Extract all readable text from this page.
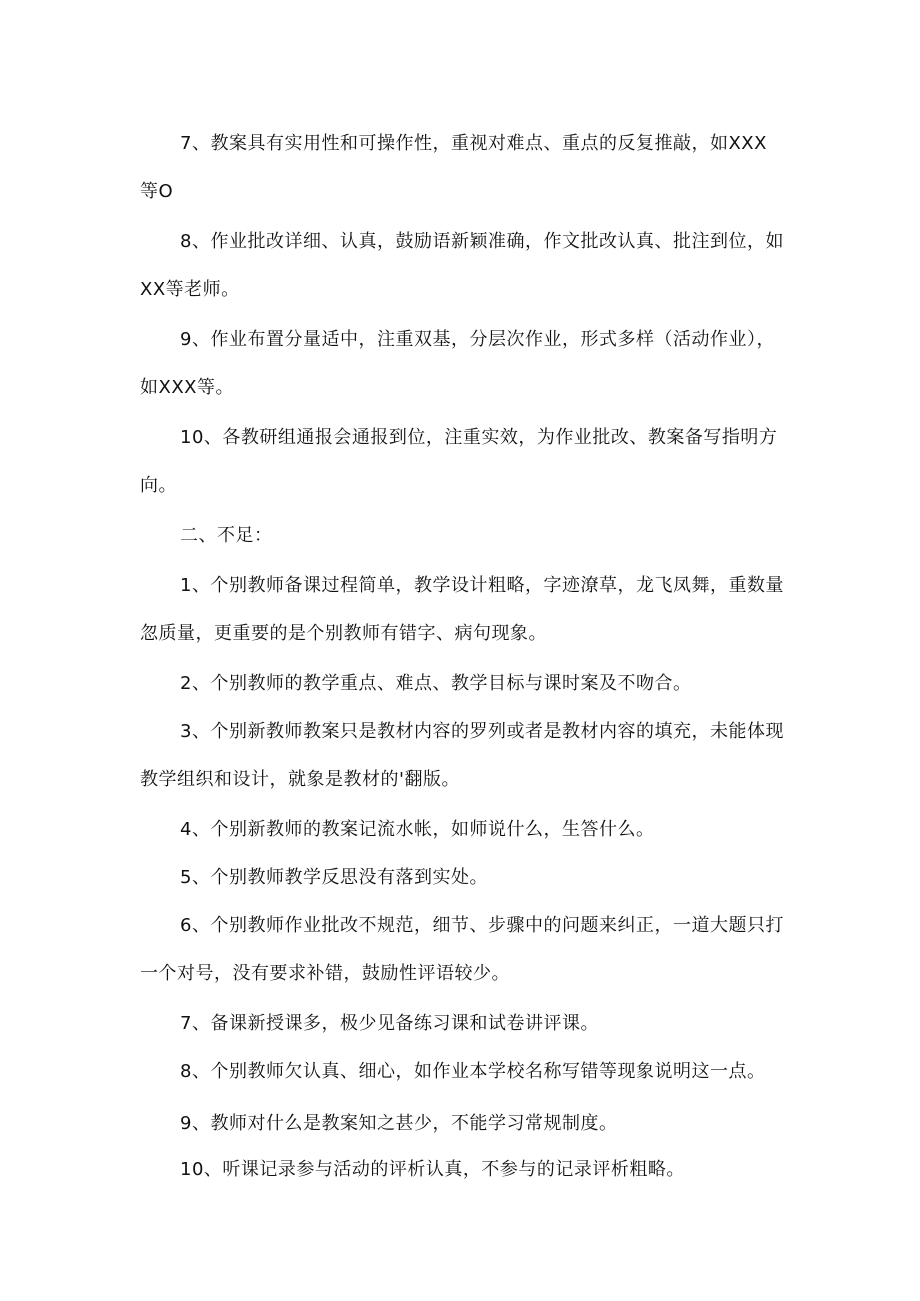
7、教案具有实用性和可操作性，重视对难点、重点的反复推敲，如XXX等O

8、作业批改详细、认真，鼓励语新颖准确，作文批改认真、批注到位，如XX等老师。

9、作业布置分量适中，注重双基，分层次作业，形式多样（活动作业），如XXX等。

10、各教研组通报会通报到位，注重实效，为作业批改、教案备写指明方向。

二、不足：

1、个别教师备课过程简单，教学设计粗略，字迹潦草，龙飞凤舞，重数量忽质量，更重要的是个别教师有错字、病句现象。

2、个别教师的教学重点、难点、教学目标与课时案及不吻合。

3、个别新教师教案只是教材内容的罗列或者是教材内容的填充，未能体现教学组织和设计，就象是教材的'翻版。

4、个别新教师的教案记流水帐，如师说什么，生答什么。

5、个别教师教学反思没有落到实处。

6、个别教师作业批改不规范，细节、步骤中的问题来纠正，一道大题只打一个对号，没有要求补错，鼓励性评语较少。

7、备课新授课多，极少见备练习课和试卷讲评课。

8、个别教师欠认真、细心，如作业本学校名称写错等现象说明这一点。

9、教师对什么是教案知之甚少，不能学习常规制度。

10、听课记录参与活动的评析认真，不参与的记录评析粗略。
